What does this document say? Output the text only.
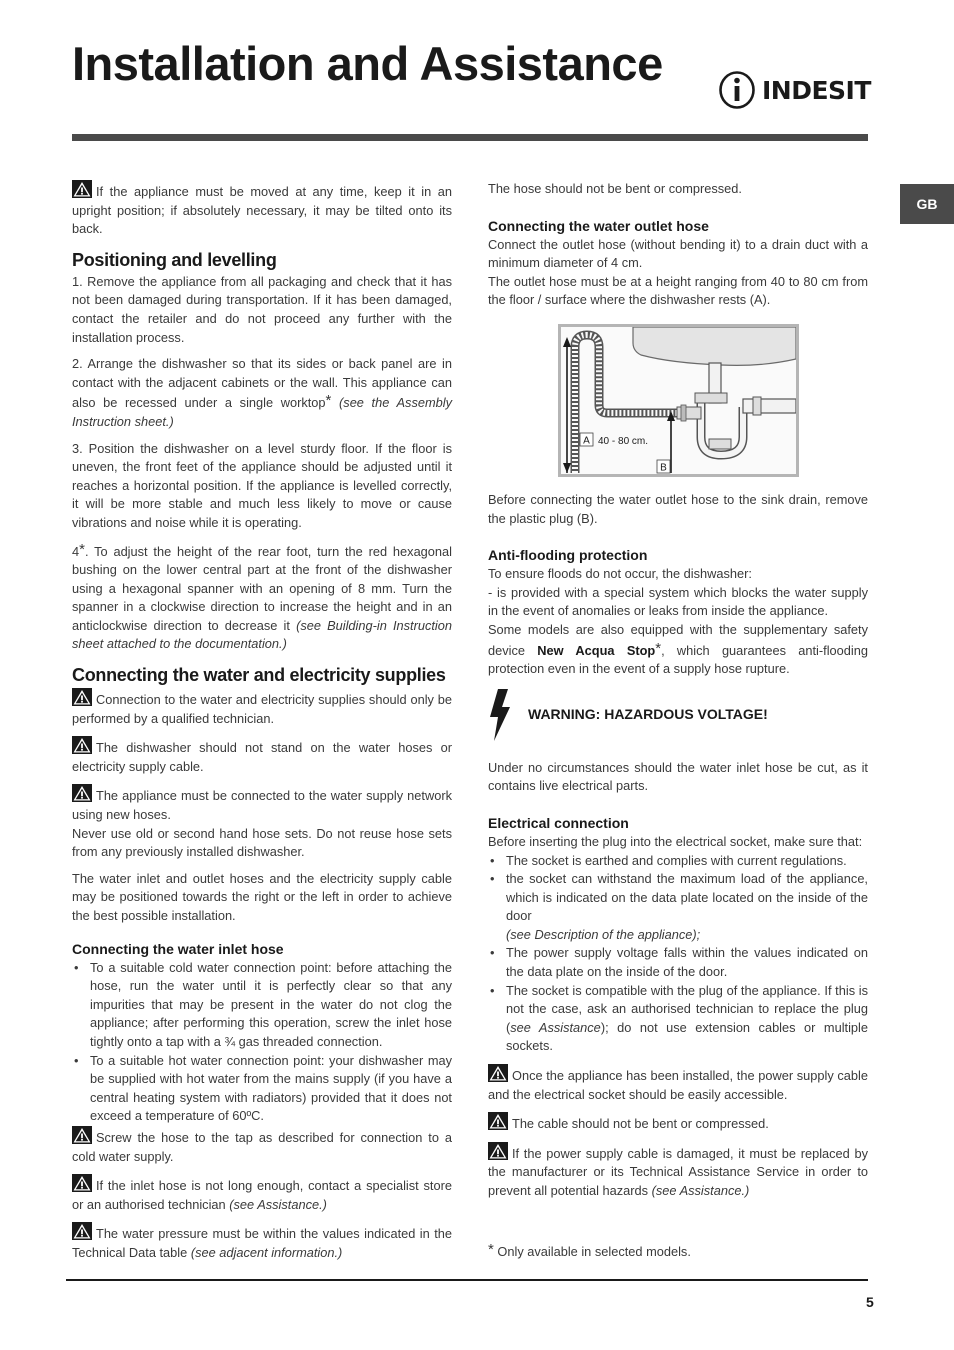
Installation and Assistance	INDESIT
GB

If the appliance must be moved at any time, keep it in an upright position; if absolutely necessary, it may be tilted onto its back.

Positioning and levelling

1. Remove the appliance from all packaging and check that it has not been damaged during transportation. If it has been damaged, contact the retailer and do not proceed any further with the installation process.

2. Arrange the dishwasher so that its sides or back panel are in contact with the adjacent cabinets or the wall. This appliance can also be recessed under a single worktop* (see the Assembly Instruction sheet.)

3. Position the dishwasher on a level sturdy floor. If the floor is uneven, the front feet of the appliance should be adjusted until it reaches a horizontal position. If the appliance is levelled correctly, it will be more stable and much less likely to move or cause vibrations and noise while it is operating.

4*. To adjust the height of the rear foot, turn the red hexagonal bushing on the lower central part at the front of the dishwasher using a hexagonal spanner with an opening of 8 mm. Turn the spanner in a clockwise direction to increase the height and in an anticlockwise direction to decrease it (see Building-in Instruction sheet attached to the documentation.)

Connecting the water and electricity supplies

Connection to the water and electricity supplies should only be performed by a qualified technician.

The dishwasher should not stand on the water hoses or electricity supply cable.

The appliance must be connected to the water supply network using new hoses.

Never use old or second hand hose sets. Do not reuse hose sets from any previously installed dishwasher.

The water inlet and outlet hoses and the electricity supply cable may be positioned towards the right or the left in order to achieve the best possible installation.

Connecting the water inlet hose
• To a suitable cold water connection point: before attaching the hose, run the water until it is perfectly clear so that any impurities that may be present in the water do not clog the appliance; after performing this operation, screw the inlet hose tightly onto a tap with a ¾ gas threaded connection.
• To a suitable hot water connection point: your dishwasher may be supplied with hot water from the mains supply (if you have a central heating system with radiators) provided that it does not exceed a temperature of 60ºC.

Screw the hose to the tap as described for connection to a cold water supply.

If the inlet hose is not long enough, contact a specialist store or an authorised technician (see Assistance.)

The water pressure must be within the values indicated in the Technical Data table (see adjacent information.)

The hose should not be bent or compressed.

Connecting the water outlet hose

Connect the outlet hose (without bending it) to a drain duct with a minimum diameter of 4 cm.

The outlet hose must be at a height ranging from 40 to 80 cm from the floor / surface where the dishwasher rests (A).

A 40 - 80 cm.
B

Before connecting the water outlet hose to the sink drain, remove the plastic plug (B).

Anti-flooding protection

To ensure floods do not occur, the dishwasher:

- is provided with a special system which blocks the water supply in the event of anomalies or leaks from inside the appliance.

Some models are also equipped with the supplementary safety device New Acqua Stop*, which guarantees anti-flooding protection even in the event of a supply hose rupture.

WARNING: HAZARDOUS VOLTAGE!

Under no circumstances should the water inlet hose be cut, as it contains live electrical parts.

Electrical connection

Before inserting the plug into the electrical socket, make sure that:

• The socket is earthed and complies with current regulations.
• the socket can withstand the maximum load of the appliance, which is indicated on the data plate located on the inside of the door
(see Description of the appliance);
• The power supply voltage falls within the values indicated on the data plate on the inside of the door.
• The socket is compatible with the plug of the appliance. If this is not the case, ask an authorised technician to replace the plug (see Assistance); do not use extension cables or multiple sockets.

Once the appliance has been installed, the power supply cable and the electrical socket should be easily accessible.

The cable should not be bent or compressed.

If the power supply cable is damaged, it must be replaced by the manufacturer or its Technical Assistance Service in order to prevent all potential hazards (see Assistance.)

* Only available in selected models.

5
